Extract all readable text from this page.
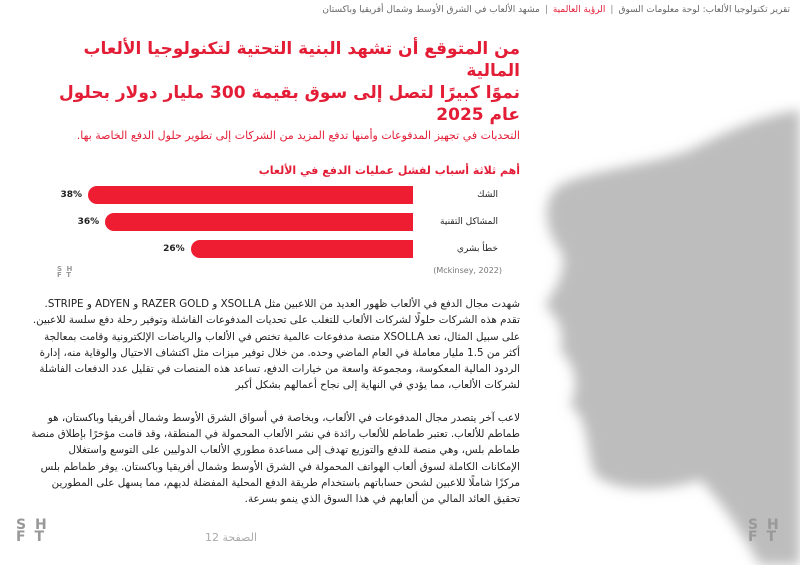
تقرير تكنولوجيا الألعاب: لوحة معلومات السوق|الرؤية العالمية|مشهد الألعاب في الشرق الأوسط وشمال أفريقيا وباكستان
من المتوقع أن تشهد البنية التحتية لتكنولوجيا الألعاب المالية
نموًا كبيرًا لتصل إلى سوق بقيمة 300 مليار دولار بحلول عام 2025
التحديات في تجهيز المدفوعات وأمنها تدفع المزيد من الشركات إلى تطوير حلول الدفع الخاصة بها.
أهم ثلاثة أسباب لفشل عمليات الدفع في الألعاب
(Mckinsey, 2022)
S H
F T
38%	الشك
36%	المشاكل التقنية
26%	خطأ بشري
شهدت مجال الدفع في الألعاب ظهور العديد من اللاعبين مثل XSOLLA و RAZER GOLD و ADYEN و STRIPE. تقدم هذه الشركات حلولًا لشركات الألعاب للتغلب على تحديات المدفوعات الفاشلة وتوفير رحلة دفع سلسة للاعبين. على سبيل المثال، تعد XSOLLA منصة مدفوعات عالمية تختص في الألعاب والرياضات الإلكترونية وقامت بمعالجة أكثر من 1.5 مليار معاملة في العام الماضي وحده. من خلال توفير ميزات مثل اكتشاف الاحتيال والوقاية منه، إدارة الردود المالية المعكوسة، ومجموعة واسعة من خيارات الدفع، تساعد هذه المنصات في تقليل عدد الدفعات الفاشلة لشركات الألعاب، مما يؤدي في النهاية إلى نجاح أعمالهم بشكل أكبر
لاعب آخر يتصدر مجال المدفوعات في الألعاب، وبخاصة في أسواق الشرق الأوسط وشمال أفريقيا وباكستان، هو طماطم للألعاب. تعتبر طماطم للألعاب رائدة في نشر الألعاب المحمولة في المنطقة، وقد قامت مؤخرًا بإطلاق منصة طماطم بلس، وهي منصة للدفع والتوزيع تهدف إلى مساعدة مطوري الألعاب الدوليين على التوسع واستغلال الإمكانات الكاملة لسوق ألعاب الهواتف المحمولة في الشرق الأوسط وشمال أفريقيا وباكستان. يوفر طماطم بلس مركزًا شاملًا للاعبين لشحن حساباتهم باستخدام طريقة الدفع المحلية المفضلة لديهم، مما يسهل على المطورين تحقيق العائد المالي من ألعابهم في هذا السوق الذي ينمو بسرعة.
S H
F T	الصفحة 12
S H
F T
